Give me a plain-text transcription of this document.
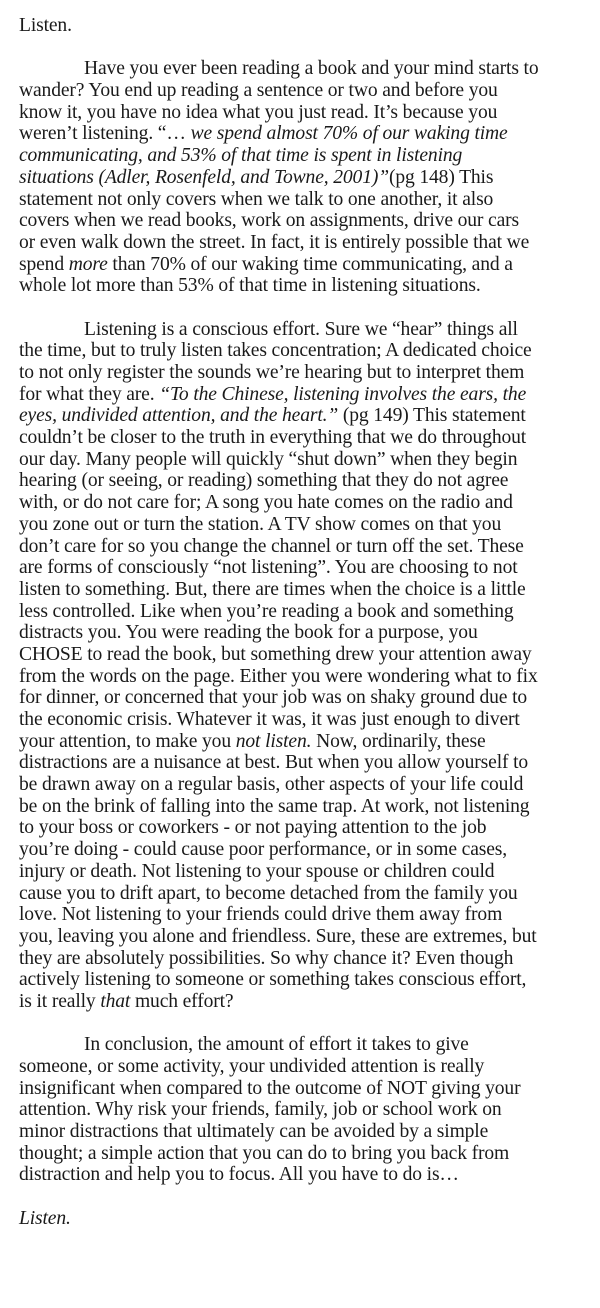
Listen.
Have you ever been reading a book and your mind starts to
wander? You end up reading a sentence or two and before you
know it, you have no idea what you just read. It’s because you
weren’t listening. “… we spend almost 70% of our waking time
communicating, and 53% of that time is spent in listening
situations (Adler, Rosenfeld, and Towne, 2001)”(pg 148) This
statement not only covers when we talk to one another, it also
covers when we read books, work on assignments, drive our cars
or even walk down the street. In fact, it is entirely possible that we
spend more than 70% of our waking time communicating, and a
whole lot more than 53% of that time in listening situations.
Listening is a conscious effort. Sure we “hear” things all
the time, but to truly listen takes concentration; A dedicated choice
to not only register the sounds we’re hearing but to interpret them
for what they are. “To the Chinese, listening involves the ears, the
eyes, undivided attention, and the heart.” (pg 149) This statement
couldn’t be closer to the truth in everything that we do throughout
our day. Many people will quickly “shut down” when they begin
hearing (or seeing, or reading) something that they do not agree
with, or do not care for; A song you hate comes on the radio and
you zone out or turn the station. A TV show comes on that you
don’t care for so you change the channel or turn off the set. These
are forms of consciously “not listening”. You are choosing to not
listen to something. But, there are times when the choice is a little
less controlled. Like when you’re reading a book and something
distracts you. You were reading the book for a purpose, you
CHOSE to read the book, but something drew your attention away
from the words on the page. Either you were wondering what to fix
for dinner, or concerned that your job was on shaky ground due to
the economic crisis. Whatever it was, it was just enough to divert
your attention, to make you not listen. Now, ordinarily, these
distractions are a nuisance at best. But when you allow yourself to
be drawn away on a regular basis, other aspects of your life could
be on the brink of falling into the same trap. At work, not listening
to your boss or coworkers - or not paying attention to the job
you’re doing - could cause poor performance, or in some cases,
injury or death. Not listening to your spouse or children could
cause you to drift apart, to become detached from the family you
love. Not listening to your friends could drive them away from
you, leaving you alone and friendless. Sure, these are extremes, but
they are absolutely possibilities. So why chance it? Even though
actively listening to someone or something takes conscious effort,
is it really that much effort?
In conclusion, the amount of effort it takes to give
someone, or some activity, your undivided attention is really
insignificant when compared to the outcome of NOT giving your
attention. Why risk your friends, family, job or school work on
minor distractions that ultimately can be avoided by a simple
thought; a simple action that you can do to bring you back from
distraction and help you to focus. All you have to do is…
Listen.
